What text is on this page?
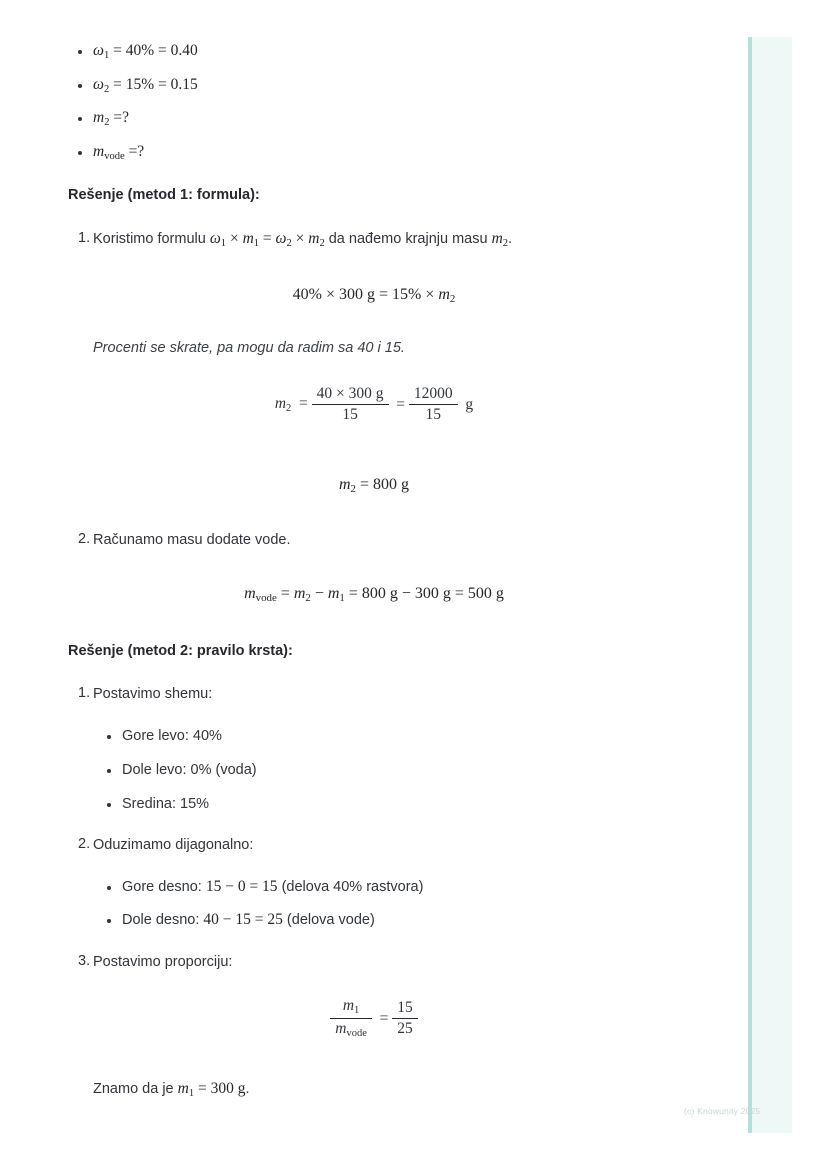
$\omega_1 = 40\% = 0.40$
$\omega_2 = 15\% = 0.15$
$m_2$ =?
$m_{vode}$ =?
Rešenje (metod 1: formula):
1. Koristimo formulu $\omega_1 \times m_1 = \omega_2 \times m_2$ da nađemo krajnju masu $m_2$.
40% × 300 $g = 15\% \times m_2$
Procenti se skrate, pa mogu da radim sa 40 i 15.
$m_2 = \frac{40 \times 300 g}{15} = \frac{12000}{15}$ g
$m_2 = 800$ g
2. Računamo masu dodate vode.
$m_{vode} = m_2 - m_1 = 800$ g − 300 g = 500 g
Rešenje (metod 2: pravilo krsta):
1. Postavimo shemu:
Gore levo: 40%
Dole levo: 0% (voda)
Sredina: 15%
2. Oduzimamo dijagonalno:
Gore desno: 15 − 0 = 15 (delova 40% rastvora)
Dole desno: 40 − 15 = 25 (delova vode)
3. Postavimo proporciju:
$\frac{m_1}{m_{vode}} = \frac{15}{25}$
Znamo da je $m_1 = 300$ g.
(c) Knowunity 2025
